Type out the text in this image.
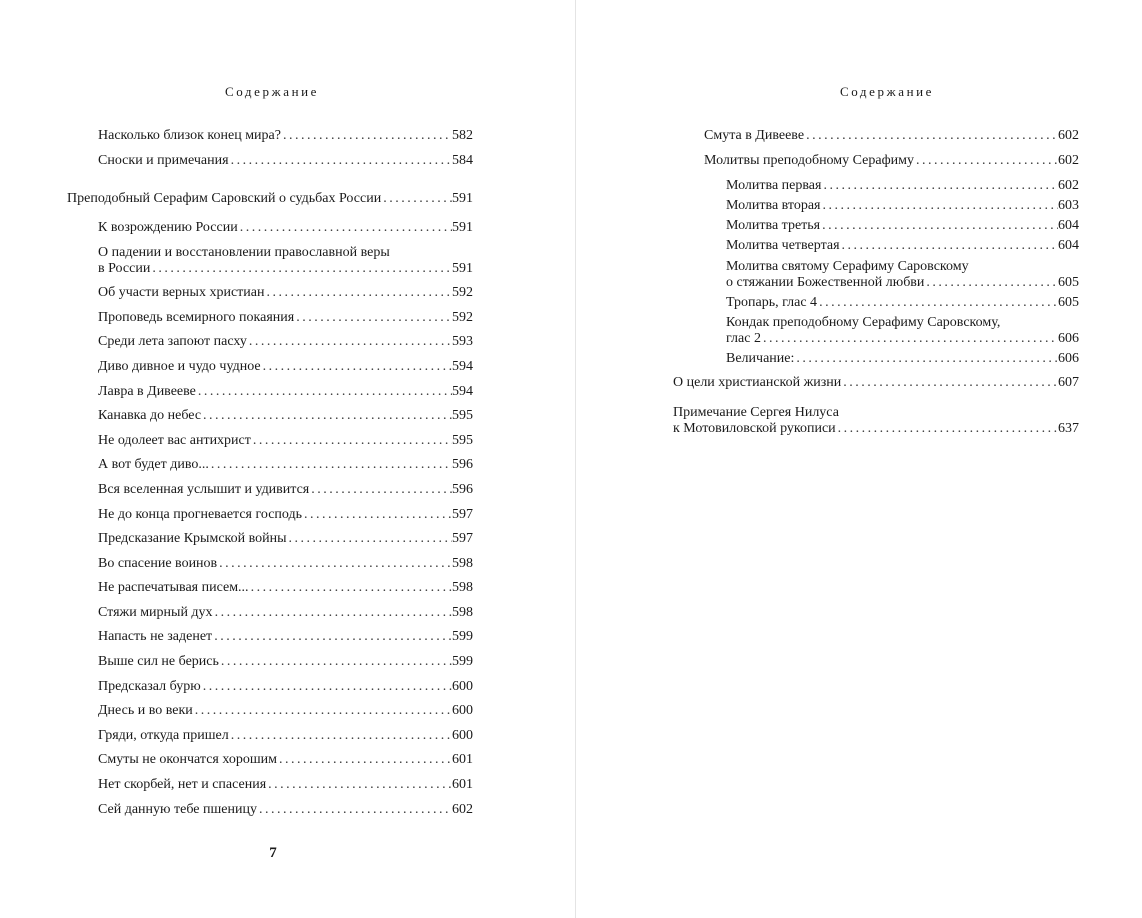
Содержание
Насколько близок конец мира? . . .	582
Сноски и примечания . . .	584
Преподобный Серафим Саровский о судьбах России . . .	591
К возрождению России . . .	591
О падении и восстановлении православной веры
в России . . .	591
Об участи верных христиан . . .	592
Проповедь всемирного покаяния . . .	592
Среди лета запоют пасху . . .	593
Диво дивное и чудо чудное . . .	594
Лавра в Дивееве . . .	594
Канавка до небес . . .	595
Не одолеет вас антихрист . . .	595
А вот будет диво... . . .	596
Вся вселенная услышит и удивится . . .	596
Не до конца прогневается господь . . .	597
Предсказание Крымской войны . . .	597
Во спасение воинов . . .	598
Не распечатывая писем... . . .	598
Стяжи мирный дух . . .	598
Напасть не заденет . . .	599
Выше сил не берись . . .	599
Предсказал бурю . . .	600
Днесь и во веки . . .	600
Гряди, откуда пришел . . .	600
Смуты не окончатся хорошим . . .	601
Нет скорбей, нет и спасения . . .	601
Сей данную тебе пшеницу . . .	602

7

Содержание
Смута в Дивееве . . .	602
Молитвы преподобному Серафиму . . .	602
Молитва первая . . .	602
Молитва вторая . . .	603
Молитва третья . . .	604
Молитва четвертая . . .	604
Молитва святому Серафиму Саровскому
о стяжании Божественной любви . . .	605
Тропарь, глас 4 . . .	605
Кондак преподобному Серафиму Саровскому,
глас 2 . . .	606
Величание: . . .	606
О цели христианской жизни . . .	607
Примечание Сергея Нилуса
к Мотовиловской рукописи . . .	637
